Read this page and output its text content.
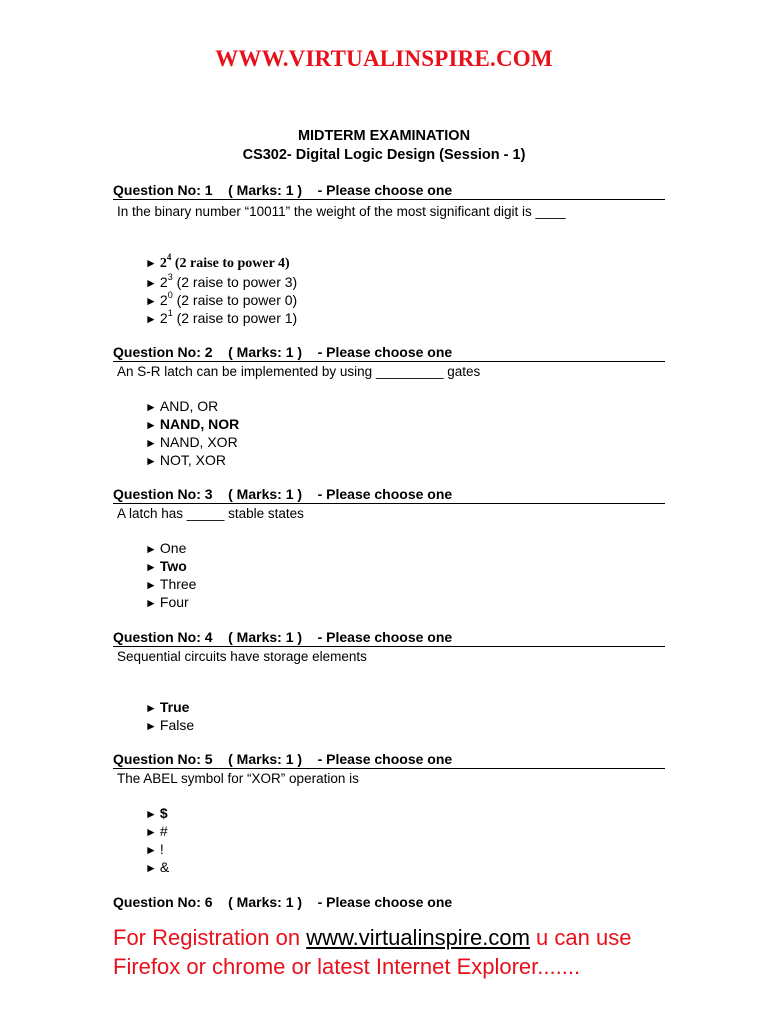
WWW.VIRTUALINSPIRE.COM
MIDTERM EXAMINATION
CS302- Digital Logic Design (Session - 1)
Question No: 1    ( Marks: 1 )    - Please choose one
In the binary number “10011” the weight of the most significant digit is ____
► $2^4$ (2 raise to power 4)
► $2^3$ (2 raise to power 3)
► $2^0$ (2 raise to power 0)
► $2^1$ (2 raise to power 1)
Question No: 2    ( Marks: 1 )    - Please choose one
An S-R latch can be implemented by using _________ gates
► AND, OR
► NAND, NOR
► NAND, XOR
► NOT, XOR
Question No: 3    ( Marks: 1 )    - Please choose one
A latch has _____ stable states
► One
► Two
► Three
► Four
Question No: 4    ( Marks: 1 )    - Please choose one
Sequential circuits have storage elements
► True
► False
Question No: 5    ( Marks: 1 )    - Please choose one
The ABEL symbol for “XOR” operation is
► $
► #
► !
► &
Question No: 6    ( Marks: 1 )    - Please choose one
For Registration on www.virtualinspire.com u can use
Firefox or chrome or latest Internet Explorer.......
